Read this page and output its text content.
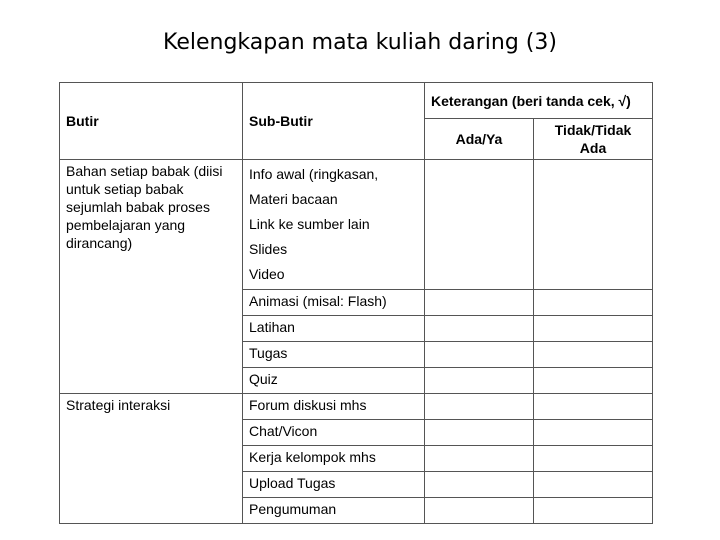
Kelengkapan mata kuliah daring (3)
Butir	Sub-Butir	Keterangan (beri tanda cek, √)	
		Ada/Ya	Tidak/Tidak Ada

Bahan setiap babak (diisi untuk setiap babak sejumlah babak proses pembelajaran yang dirancang)	Info awal (ringkasan,
Materi bacaan
Link ke sumber lain
Slides
Video		

	Animasi (misal: Flash)		
	Latihan		
	Tugas		
	Quiz		
Strategi interaksi	Forum diskusi mhs		
	Chat/Vicon		
	Kerja kelompok mhs		
	Upload Tugas		
	Pengumuman		
